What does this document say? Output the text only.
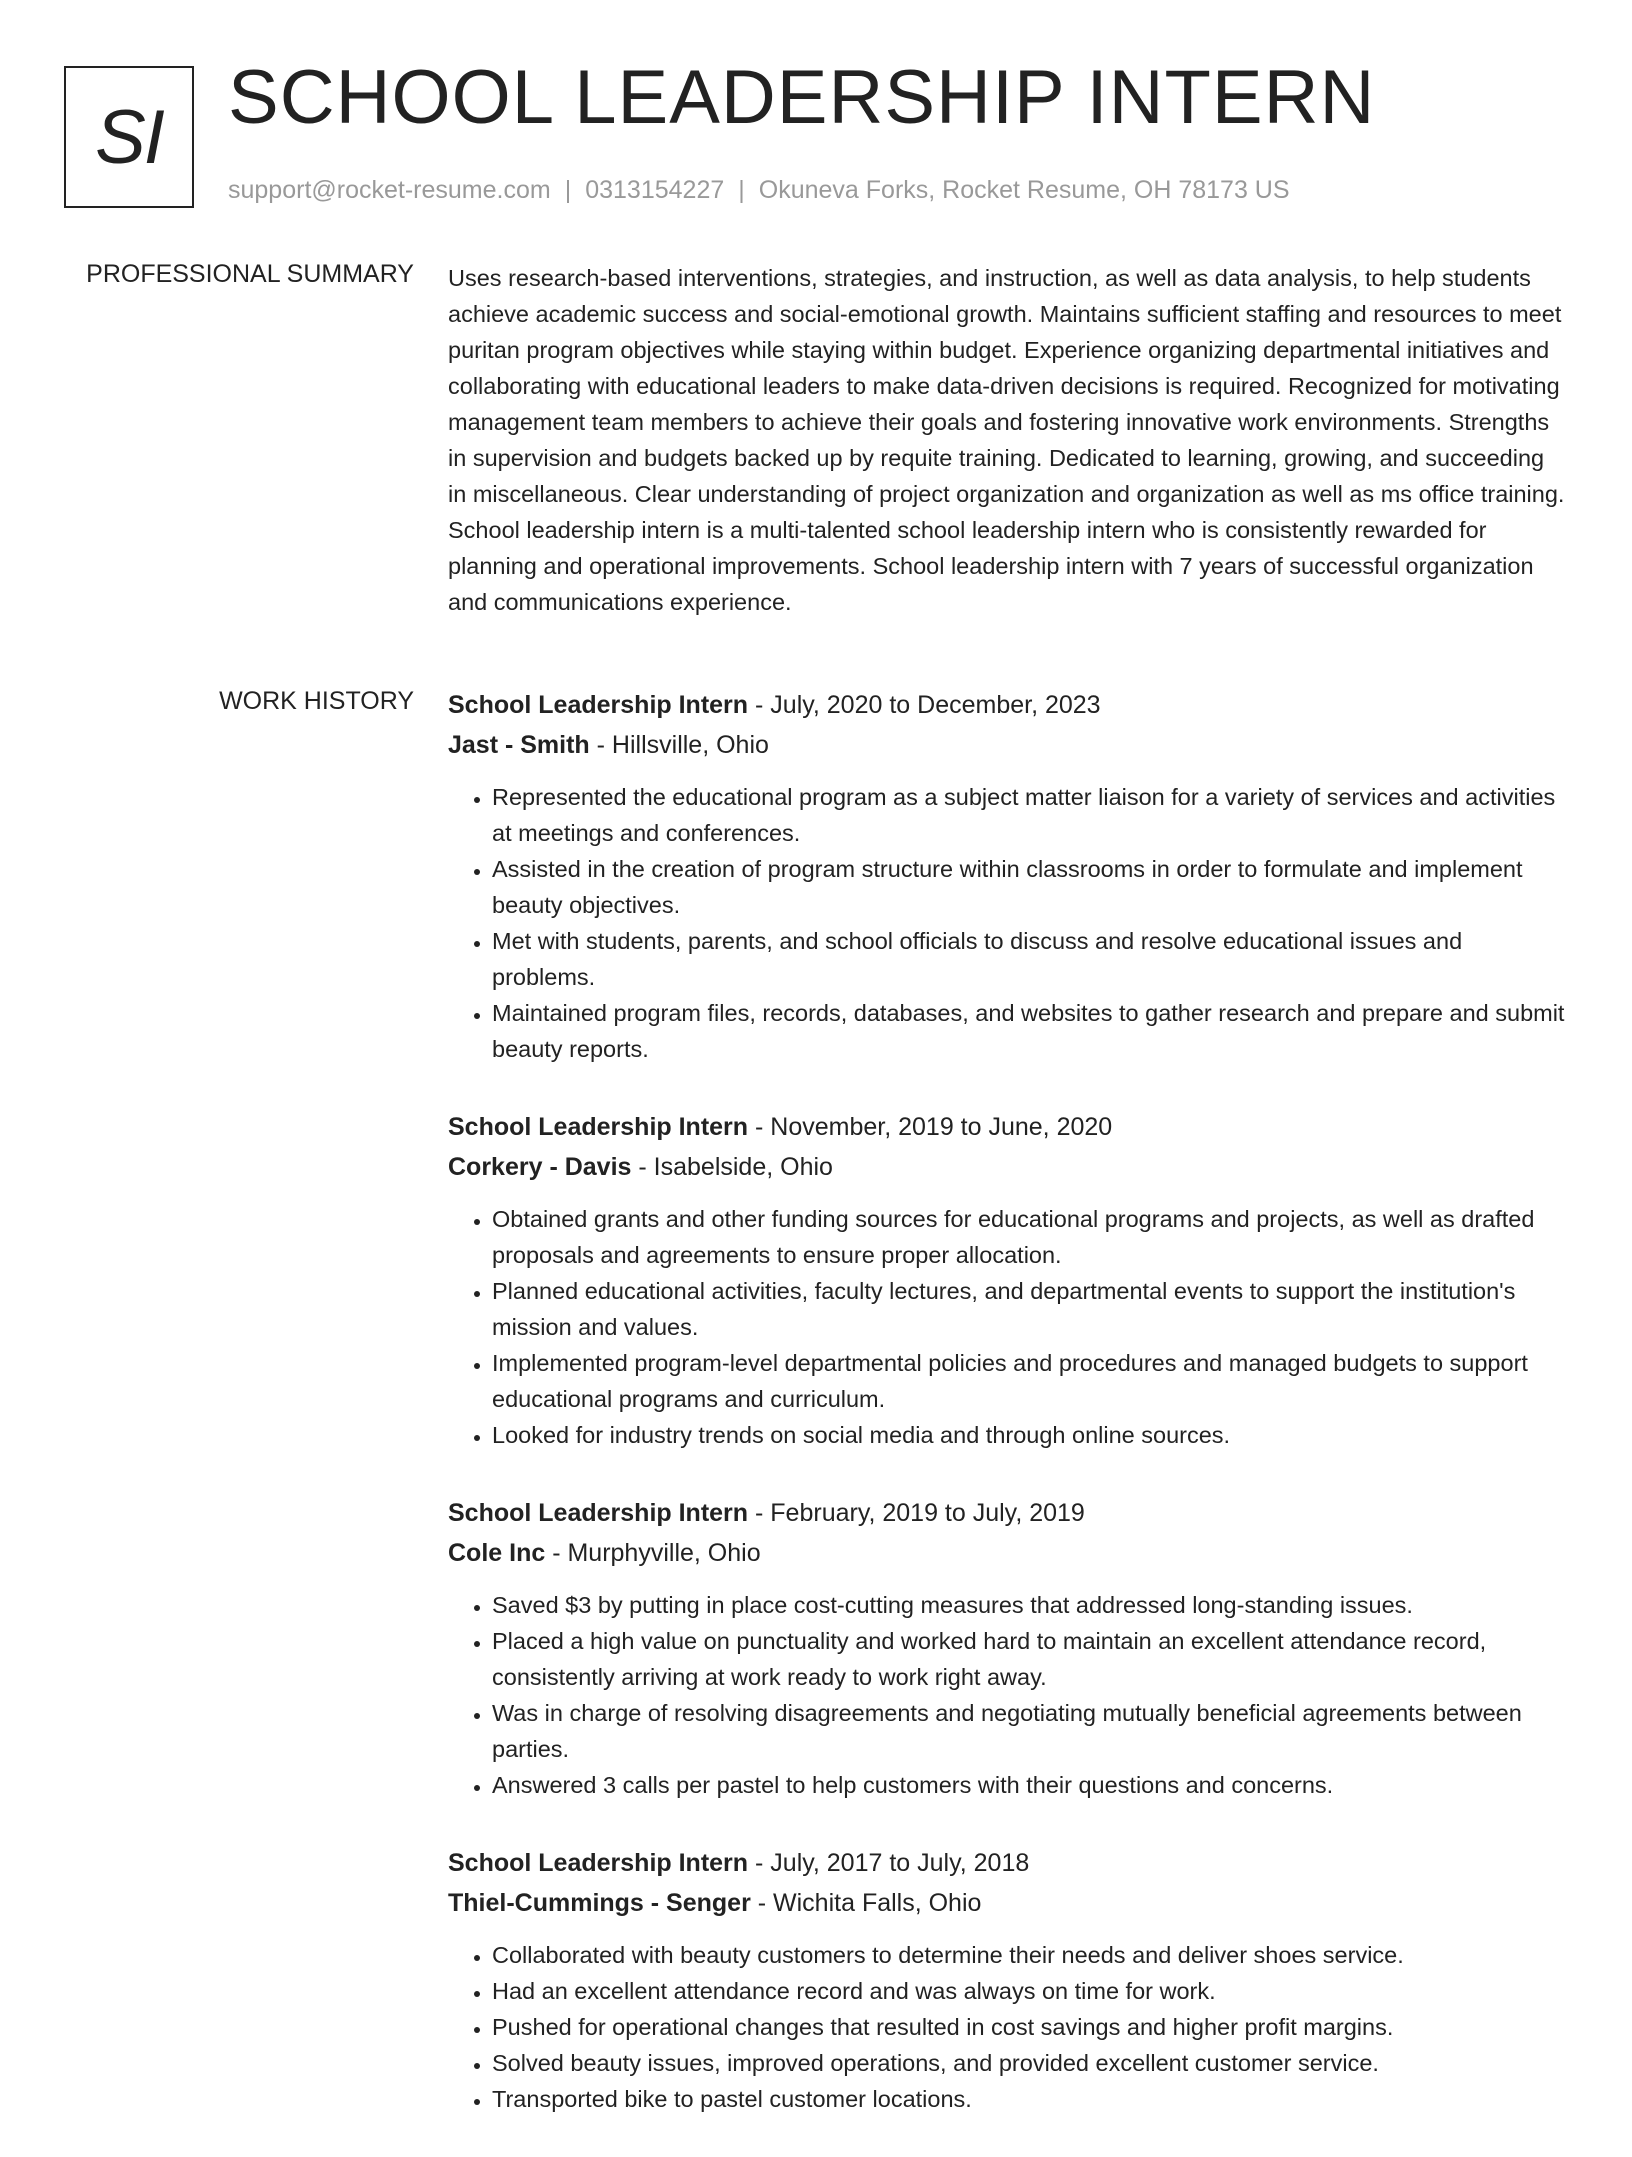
SI SCHOOL LEADERSHIP INTERN
support@rocket-resume.com | 0313154227 | Okuneva Forks, Rocket Resume, OH 78173 US
PROFESSIONAL SUMMARY Uses research-based interventions, strategies, and instruction, as well as data analysis, to help students achieve academic success and social-emotional growth. Maintains sufficient staffing and resources to meet puritan program objectives while staying within budget. Experience organizing departmental initiatives and collaborating with educational leaders to make data-driven decisions is required. Recognized for motivating management team members to achieve their goals and fostering innovative work environments. Strengths in supervision and budgets backed up by requite training. Dedicated to learning, growing, and succeeding in miscellaneous. Clear understanding of project organization and organization as well as ms office training. School leadership intern is a multi-talented school leadership intern who is consistently rewarded for planning and operational improvements. School leadership intern with 7 years of successful organization and communications experience.

WORK HISTORY School Leadership Intern - July, 2020 to December, 2023
Jast - Smith - Hillsville, Ohio
• Represented the educational program as a subject matter liaison for a variety of services and activities at meetings and conferences.
• Assisted in the creation of program structure within classrooms in order to formulate and implement beauty objectives.
• Met with students, parents, and school officials to discuss and resolve educational issues and problems.
• Maintained program files, records, databases, and websites to gather research and prepare and submit beauty reports.
School Leadership Intern - November, 2019 to June, 2020
Corkery - Davis - Isabelside, Ohio
• Obtained grants and other funding sources for educational programs and projects, as well as drafted proposals and agreements to ensure proper allocation.
• Planned educational activities, faculty lectures, and departmental events to support the institution's mission and values.
• Implemented program-level departmental policies and procedures and managed budgets to support educational programs and curriculum.
• Looked for industry trends on social media and through online sources.
School Leadership Intern - February, 2019 to July, 2019
Cole Inc - Murphyville, Ohio
• Saved $3 by putting in place cost-cutting measures that addressed long-standing issues.
• Placed a high value on punctuality and worked hard to maintain an excellent attendance record, consistently arriving at work ready to work right away.
• Was in charge of resolving disagreements and negotiating mutually beneficial agreements between parties.
• Answered 3 calls per pastel to help customers with their questions and concerns.
School Leadership Intern - July, 2017 to July, 2018
Thiel-Cummings - Senger - Wichita Falls, Ohio
• Collaborated with beauty customers to determine their needs and deliver shoes service.
• Had an excellent attendance record and was always on time for work.
• Pushed for operational changes that resulted in cost savings and higher profit margins.
• Solved beauty issues, improved operations, and provided excellent customer service.
• Transported bike to pastel customer locations.
